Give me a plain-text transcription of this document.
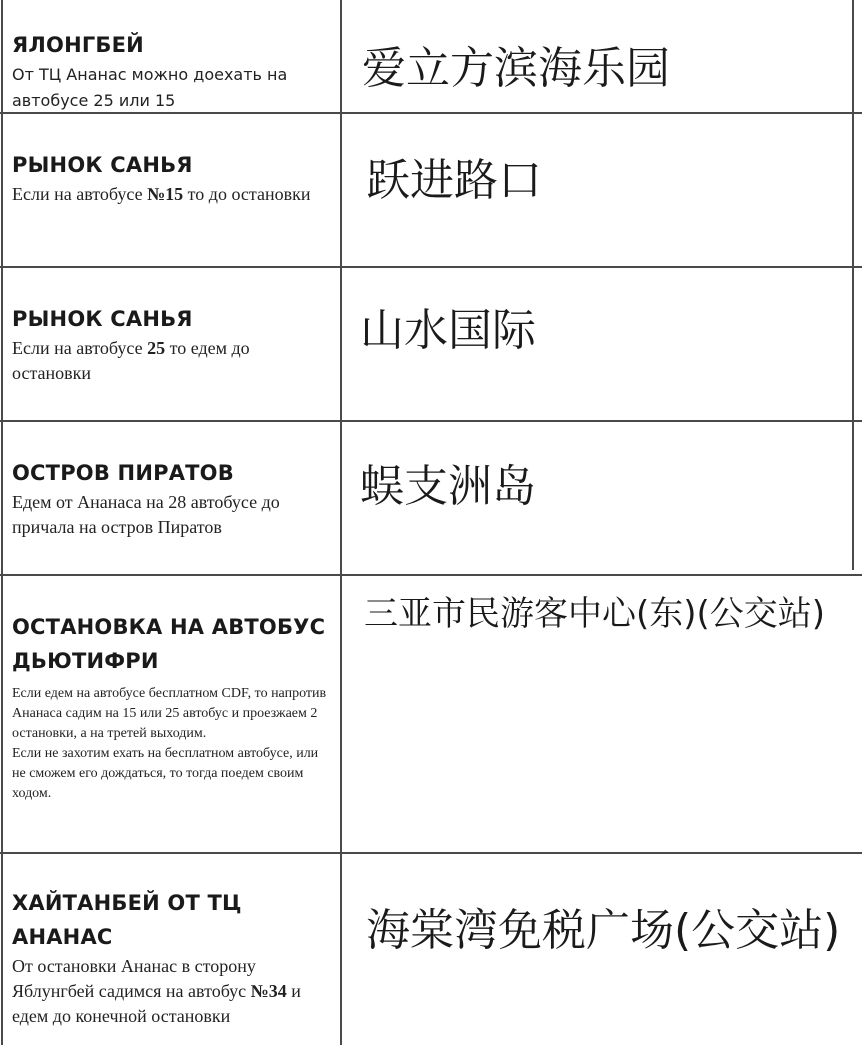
ЯЛОНГБЕЙ
От ТЦ Ананас можно доехать на автобусе 25 или 15
爱立方滨海乐园
РЫНОК САНЬЯ
Если на автобусе №15 то до остановки	跃进路口
РЫНОК САНЬЯ
Если на автобусе 25 то едем до остановки
山水国际
ОСТРОВ ПИРАТОВ
Едем от Ананаса на 28 автобусе до причала на остров Пиратов
蜈支洲岛
ОСТАНОВКА НА АВТОБУС ДЬЮТИФРИ
Если едем на автобусе бесплатном CDF, то напротив Ананаса садим на 15 или 25 автобус и проезжаем 2 остановки, а на третей выходим.
Если не захотим ехать на бесплатном автобусе, или не сможем его дождаться, то тогда поедем своим ходом.
三亚市民游客中心(东)(公交站)
ХАЙТАНБЕЙ ОТ ТЦ АНАНАС
От остановки Ананас в сторону Яблунгбей садимся на автобус №34 и едем до конечной остановки
海棠湾免税广场(公交站)
